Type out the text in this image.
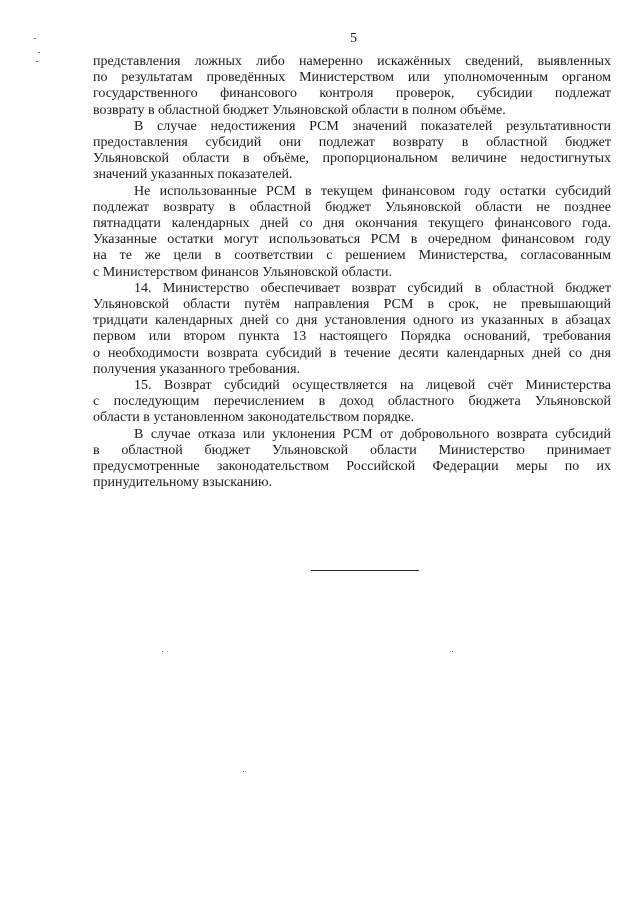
5
представления ложных либо намеренно искажённых сведений, выявленных
по результатам проведённых Министерством или уполномоченным органом
государственного финансового контроля проверок, субсидии подлежат
возврату в областной бюджет Ульяновской области в полном объёме.
В случае недостижения РСМ значений показателей результативности
предоставления субсидий они подлежат возврату в областной бюджет
Ульяновской области в объёме, пропорциональном величине недостигнутых
значений указанных показателей.
Не использованные РСМ в текущем финансовом году остатки субсидий
подлежат возврату в областной бюджет Ульяновской области не позднее
пятнадцати календарных дней со дня окончания текущего финансового года.
Указанные остатки могут использоваться РСМ в очередном финансовом году
на те же цели в соответствии с решением Министерства, согласованным
с Министерством финансов Ульяновской области.
14. Министерство обеспечивает возврат субсидий в областной бюджет
Ульяновской области путём направления РСМ в срок, не превышающий
тридцати календарных дней со дня установления одного из указанных в абзацах
первом или втором пункта 13 настоящего Порядка оснований, требования
о необходимости возврата субсидий в течение десяти календарных дней со дня
получения указанного требования.
15. Возврат субсидий осуществляется на лицевой счёт Министерства
с последующим перечислением в доход областного бюджета Ульяновской
области в установленном законодательством порядке.
В случае отказа или уклонения РСМ от добровольного возврата субсидий
в областной бюджет Ульяновской области Министерство принимает
предусмотренные законодательством Российской Федерации меры по их
принудительному взысканию.
